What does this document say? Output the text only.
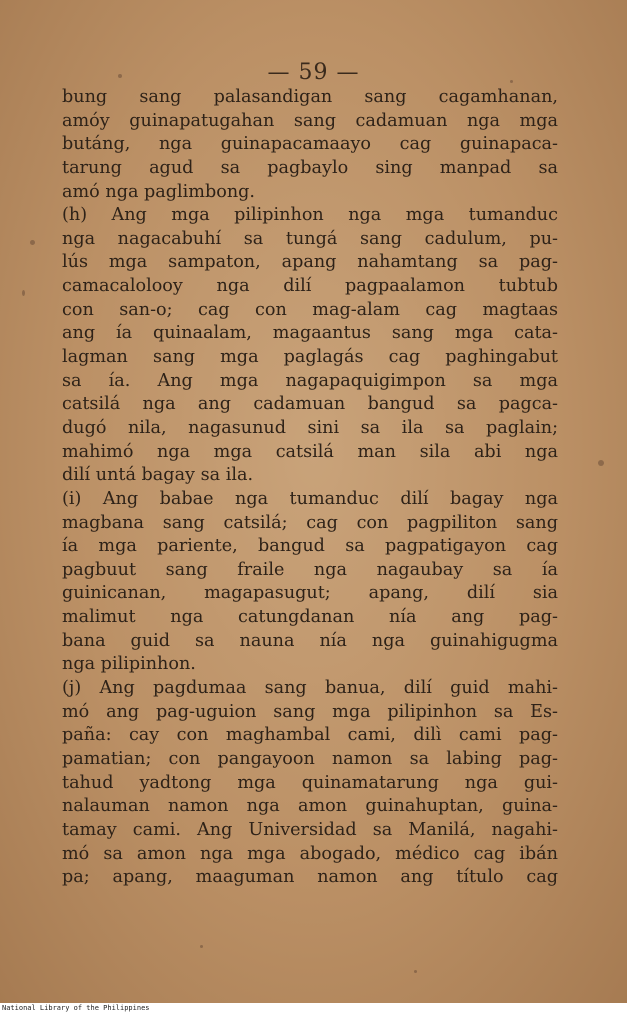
— 59 —
bung sang palasandigan sang cagamhanan,
amóy guinapatugahan sang cadamuan nga mga
butáng, nga guinapacamaayo cag guinapaca-
tarung agud sa pagbaylo sing manpad sa
amó nga paglimbong.
(h) Ang mga pilipinhon nga mga tumanduc
nga nagacabuhí sa tungá sang cadulum, pu-
lús mga sampaton, apang nahamtang sa pag-
camacalolooy nga dilí pagpaalamon tubtub
con san-o; cag con mag-alam cag magtaas
ang ía quinaalam, magaantus sang mga cata-
lagman sang mga paglagás cag paghingabut
sa ía. Ang mga nagapaquigimpon sa mga
catsilá nga ang cadamuan bangud sa pagca-
dugó nila, nagasunud sini sa ila sa paglain;
mahimó nga mga catsilá man sila abi nga
dilí untá bagay sa ila.
(i) Ang babae nga tumanduc dilí bagay nga
magbana sang catsilá; cag con pagpiliton sang
ía mga pariente, bangud sa pagpatigayon cag
pagbuut sang fraile nga nagaubay sa ía
guinicanan, magapasugut; apang, dilí sia
malimut nga catungdanan nía ang pag-
bana guid sa nauna nía nga guinahigugma
nga pilipinhon.
(j) Ang pagdumaa sang banua, dilí guid mahi-
mó ang pag-uguion sang mga pilipinhon sa Es-
paña: cay con maghambal cami, dilì cami pag-
pamatian; con pangayoon namon sa labing pag-
tahud yadtong mga quinamatarung nga gui-
nalauman namon nga amon guinahuptan, guina-
tamay cami. Ang Universidad sa Manilá, nagahi-
mó sa amon nga mga abogado, médico cag ibán
pa; apang, maaguman namon ang título cag
National Library of the Philippines
